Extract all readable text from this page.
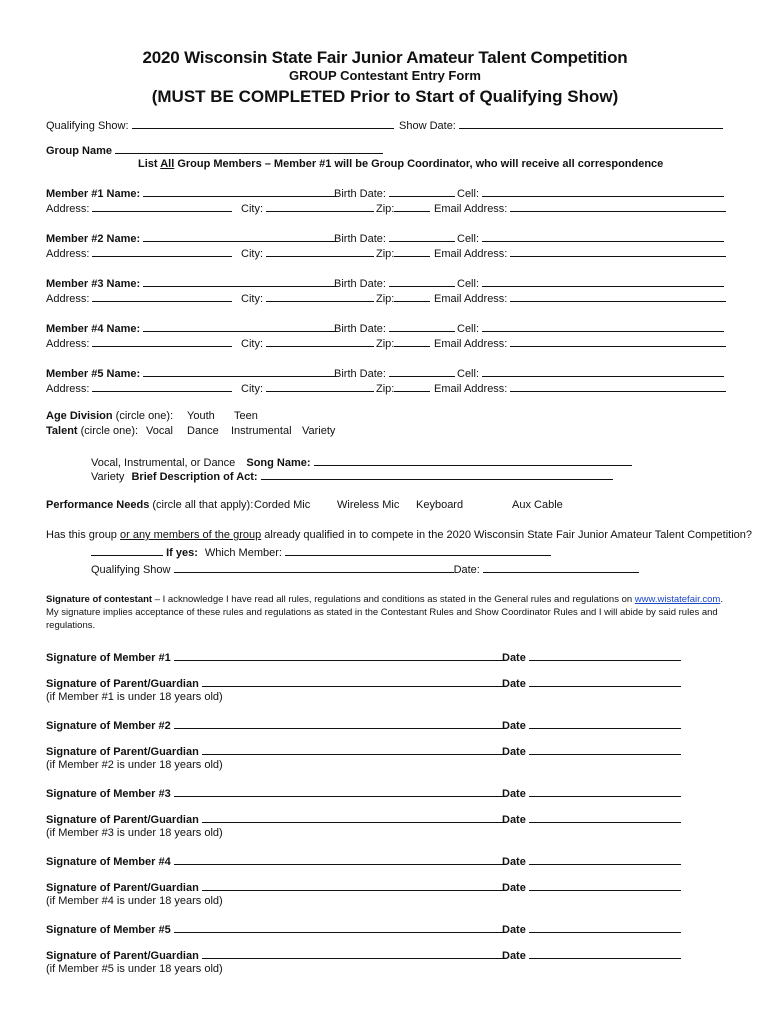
2020 Wisconsin State Fair Junior Amateur Talent Competition
GROUP Contestant Entry Form
(MUST BE COMPLETED Prior to Start of Qualifying Show)
Qualifying Show:	Show Date:
Group Name
List All Group Members – Member #1 will be Group Coordinator, who will receive all correspondence
Member #1 Name:	Birth Date:	Cell:
Address:	City:	Zip:	Email Address:
Member #2 Name:	Birth Date:	Cell:
Address:	City:	Zip:	Email Address:
Member #3 Name:	Birth Date:	Cell:
Address:	City:	Zip:	Email Address:
Member #4 Name:	Birth Date:	Cell:
Address:	City:	Zip:	Email Address:
Member #5 Name:	Birth Date:	Cell:
Address:	City:	Zip:	Email Address:
Age Division (circle one): Youth Teen
Talent (circle one): Vocal Dance Instrumental Variety
Vocal, Instrumental, or Dance Song Name:
Variety Brief Description of Act:
Performance Needs (circle all that apply): Corded Mic Wireless Mic Keyboard	Aux Cable
Has this group or any members of the group already qualified in to compete in the 2020 Wisconsin State Fair Junior Amateur Talent Competition?
If yes: Which Member:
Qualifying Show	Date:
Signature of contestant – I acknowledge I have read all rules, regulations and conditions as stated in the General rules and regulations on www.wistatefair.com. My signature implies acceptance of these rules and regulations as stated in the Contestant Rules and Show Coordinator Rules and I will abide by said rules and regulations.
Signature of Member #1	Date
Signature of Parent/Guardian	Date
(if Member #1 is under 18 years old)
Signature of Member #2	Date
Signature of Parent/Guardian	Date
(if Member #2 is under 18 years old)
Signature of Member #3	Date
Signature of Parent/Guardian	Date
(if Member #3 is under 18 years old)
Signature of Member #4	Date
Signature of Parent/Guardian	Date
(if Member #4 is under 18 years old)
Signature of Member #5	Date
Signature of Parent/Guardian	Date
(if Member #5 is under 18 years old)
